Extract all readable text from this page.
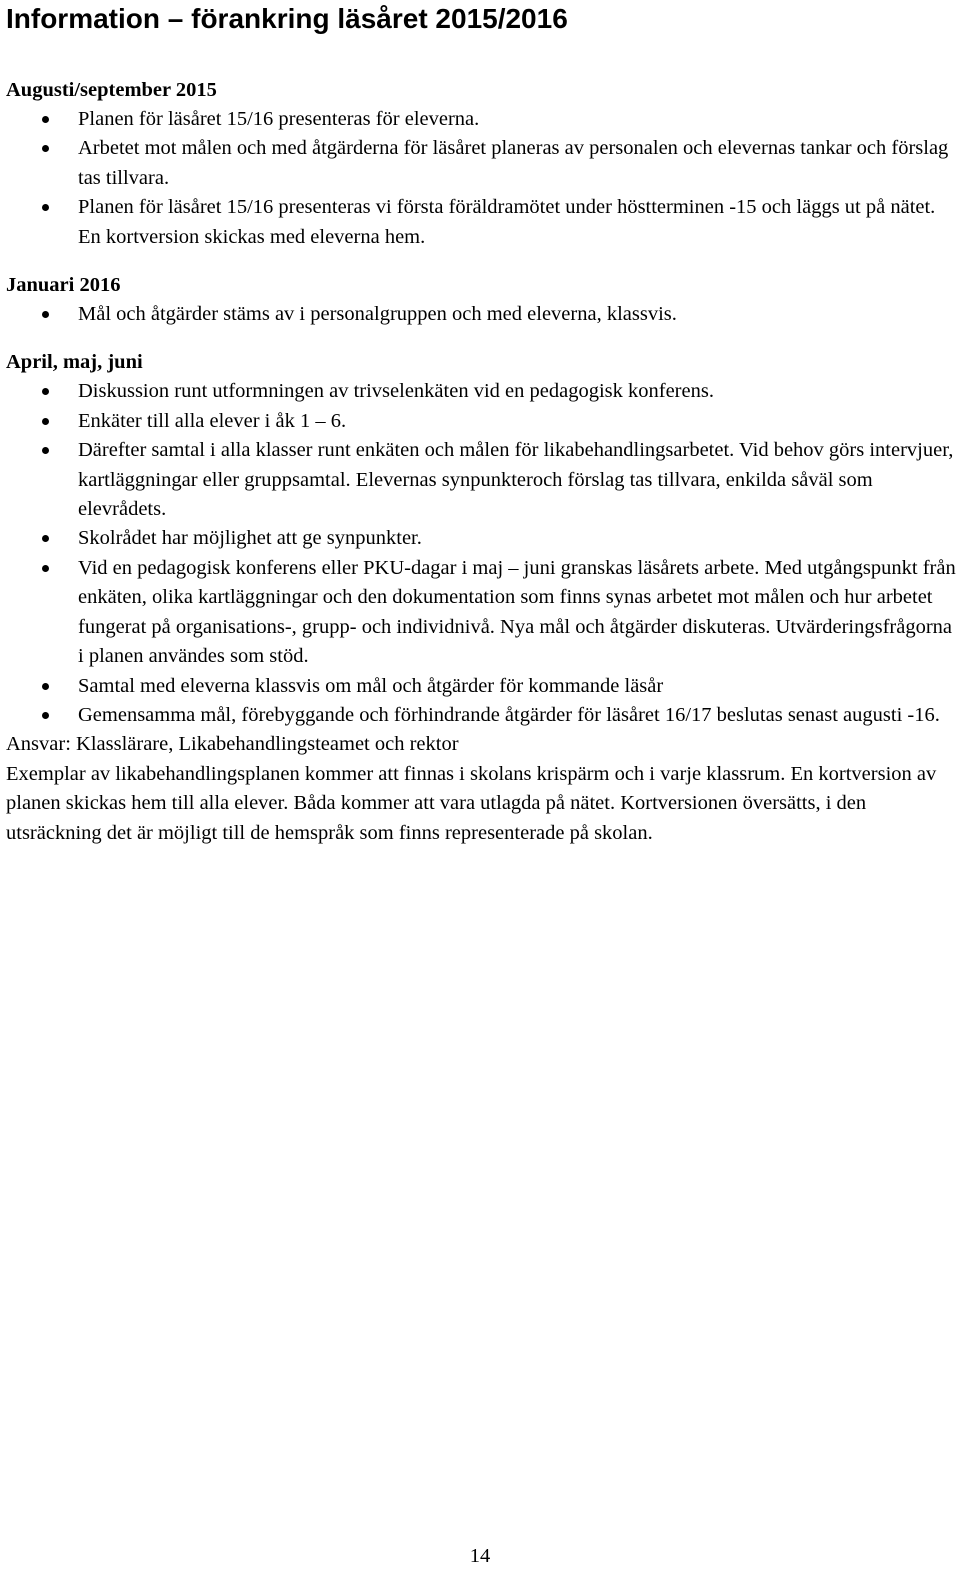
Information – förankring läsåret 2015/2016
Augusti/september 2015
Planen för läsåret 15/16 presenteras för eleverna.
Arbetet mot målen och med åtgärderna för läsåret planeras av personalen och elevernas tankar och förslag tas tillvara.
Planen för läsåret 15/16 presenteras vi första föräldramötet under höstterminen -15 och läggs ut på nätet. En kortversion skickas med eleverna hem.
Januari 2016
Mål och åtgärder stäms av i personalgruppen och med eleverna, klassvis.
April, maj, juni
Diskussion runt utformningen av trivselenkäten vid en pedagogisk konferens.
Enkäter till alla elever i åk 1 – 6.
Därefter samtal i alla klasser runt enkäten och målen för likabehandlingsarbetet. Vid behov görs intervjuer, kartläggningar eller gruppsamtal. Elevernas synpunkteroch förslag tas tillvara, enkilda såväl som elevrådets.
Skolrådet har möjlighet att ge synpunkter.
Vid en pedagogisk konferens eller PKU-dagar i maj – juni granskas läsårets arbete. Med utgångspunkt från enkäten, olika kartläggningar och den dokumentation som finns synas arbetet mot målen och hur arbetet fungerat på organisations-, grupp- och individnivå. Nya mål och åtgärder diskuteras. Utvärderingsfrågorna i planen användes som stöd.
Samtal med eleverna klassvis om mål och åtgärder för kommande läsår
Gemensamma mål, förebyggande och förhindrande åtgärder för läsåret 16/17 beslutas senast augusti -16.

Ansvar: Klasslärare, Likabehandlingsteamet och rektor

Exemplar av likabehandlingsplanen kommer att finnas i skolans krispärm och i varje klassrum. En kortversion av planen skickas hem till alla elever. Båda kommer att vara utlagda på nätet. Kortversionen översätts, i den utsräckning det är möjligt till de hemspråk som finns representerade på skolan.

14
